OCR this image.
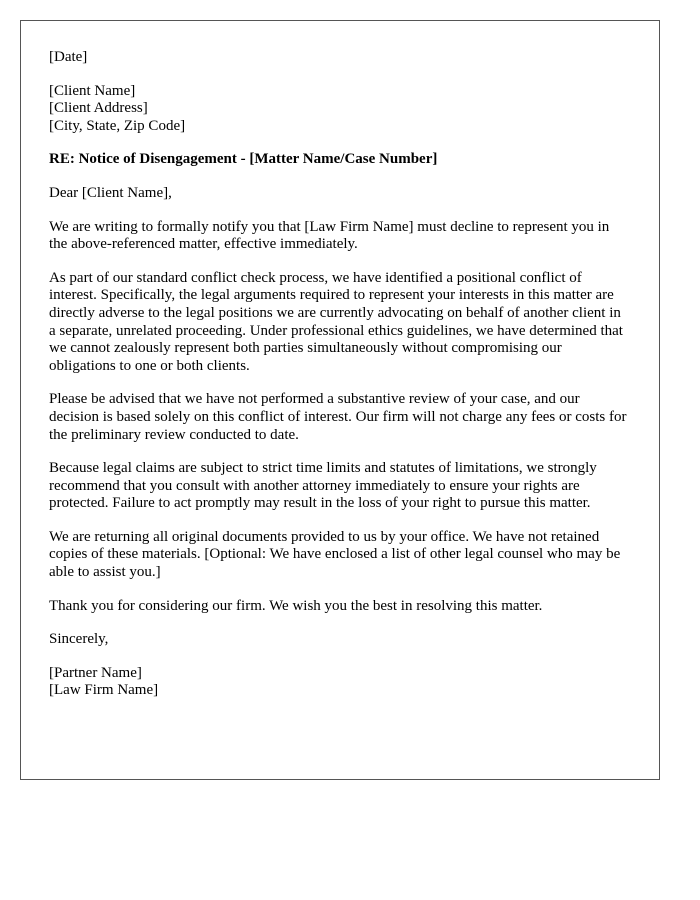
[Date]
[Client Name]
[Client Address]
[City, State, Zip Code]

RE: Notice of Disengagement - [Matter Name/Case Number]

Dear [Client Name],

We are writing to formally notify you that [Law Firm Name] must decline to represent you in the above-referenced matter, effective immediately.

As part of our standard conflict check process, we have identified a positional conflict of interest. Specifically, the legal arguments required to represent your interests in this matter are directly adverse to the legal positions we are currently advocating on behalf of another client in a separate, unrelated proceeding. Under professional ethics guidelines, we have determined that we cannot zealously represent both parties simultaneously without compromising our obligations to one or both clients.

Please be advised that we have not performed a substantive review of your case, and our decision is based solely on this conflict of interest. Our firm will not charge any fees or costs for the preliminary review conducted to date.

Because legal claims are subject to strict time limits and statutes of limitations, we strongly recommend that you consult with another attorney immediately to ensure your rights are protected. Failure to act promptly may result in the loss of your right to pursue this matter.

We are returning all original documents provided to us by your office. We have not retained copies of these materials. [Optional: We have enclosed a list of other legal counsel who may be able to assist you.]

Thank you for considering our firm. We wish you the best in resolving this matter.

Sincerely,

[Partner Name]
[Law Firm Name]
